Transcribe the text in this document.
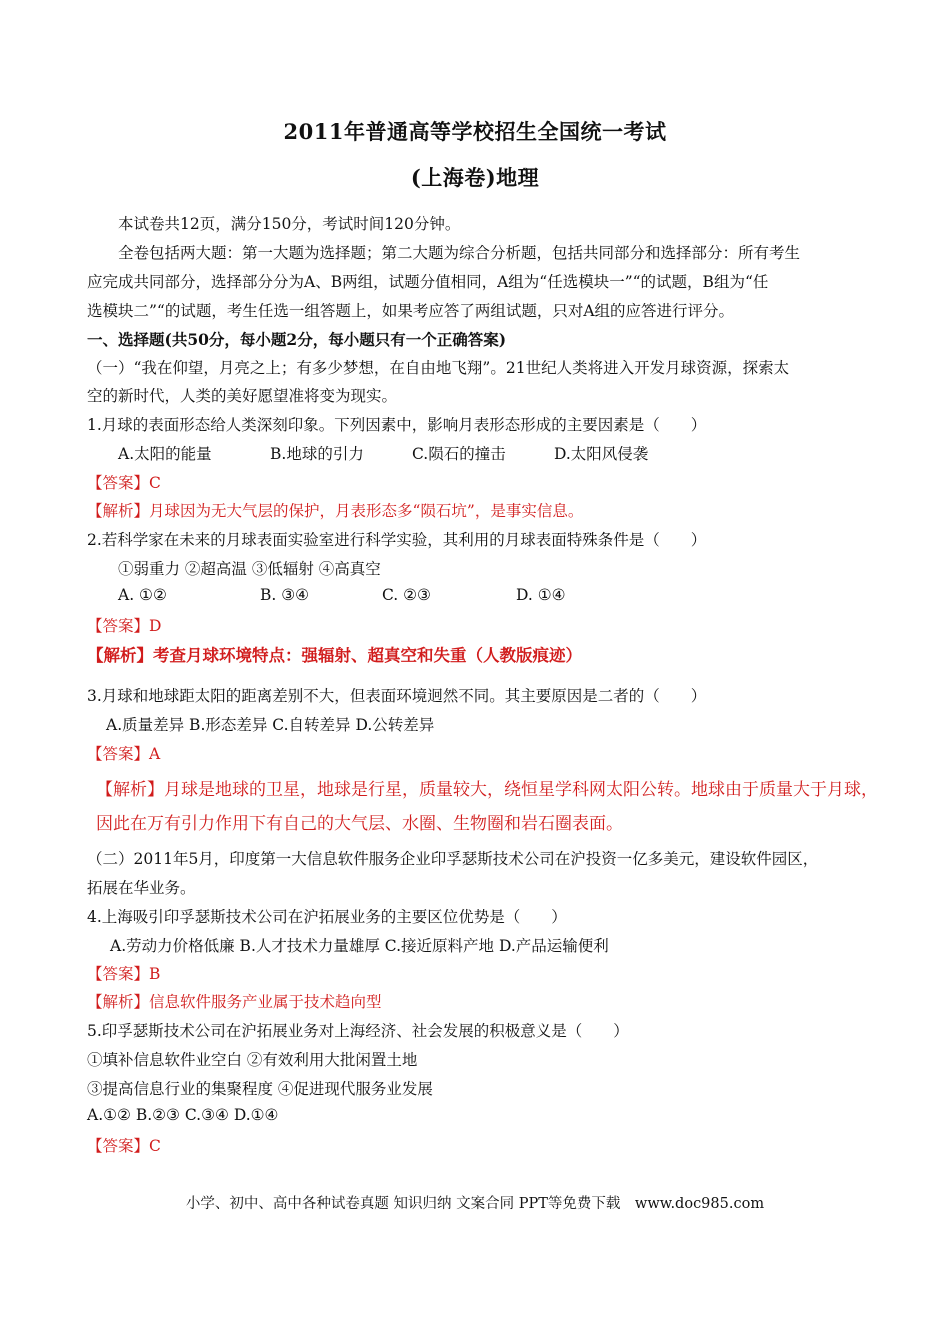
2011年普通高等学校招生全国统一考试
(上海卷)地理
本试卷共12页，满分150分，考试时间120分钟。
全卷包括两大题：第一大题为选择题；第二大题为综合分析题，包括共同部分和选择部分：所有考生
应完成共同部分，选择部分分为A、B两组，试题分值相同，A组为“任选模块一”“的试题，B组为“任
选模块二”“的试题，考生任选一组答题上，如果考应答了两组试题，只对A组的应答进行评分。
一、选择题(共50分，每小题2分，每小题只有一个正确答案)
（一）“我在仰望，月亮之上；有多少梦想，在自由地飞翔”。21世纪人类将进入开发月球资源，探索太
空的新时代，人类的美好愿望准将变为现实。
1.月球的表面形态给人类深刻印象。下列因素中，影响月表形态形成的主要因素是（　　）
A.太阳的能量	B.地球的引力	C.陨石的撞击	D.太阳风侵袭
【答案】C
【解析】月球因为无大气层的保护，月表形态多“陨石坑”，是事实信息。
2.若科学家在未来的月球表面实验室进行科学实验，其利用的月球表面特殊条件是（　　）
①弱重力 ②超高温 ③低辐射 ④高真空
A. ①②	B. ③④	C. ②③	D. ①④
【答案】D
【解析】考查月球环境特点：强辐射、超真空和失重（人教版痕迹）
3.月球和地球距太阳的距离差别不大，但表面环境迥然不同。其主要原因是二者的（　　）
A.质量差异 B.形态差异 C.自转差异 D.公转差异
【答案】A
【解析】月球是地球的卫星，地球是行星，质量较大，绕恒星学科网太阳公转。地球由于质量大于月球，
因此在万有引力作用下有自己的大气层、水圈、生物圈和岩石圈表面。
（二）2011年5月，印度第一大信息软件服务企业印孚瑟斯技术公司在沪投资一亿多美元，建设软件园区，
拓展在华业务。
4.上海吸引印孚瑟斯技术公司在沪拓展业务的主要区位优势是（　　）
A.劳动力价格低廉 B.人才技术力量雄厚 C.接近原料产地 D.产品运输便利
【答案】B
【解析】信息软件服务产业属于技术趋向型
5.印孚瑟斯技术公司在沪拓展业务对上海经济、社会发展的积极意义是（　　）
①填补信息软件业空白 ②有效利用大批闲置土地
③提高信息行业的集聚程度 ④促进现代服务业发展
A.①② B.②③ C.③④ D.①④
【答案】C
小学、初中、高中各种试卷真题 知识归纳 文案合同 PPT等免费下载　www.doc985.com
